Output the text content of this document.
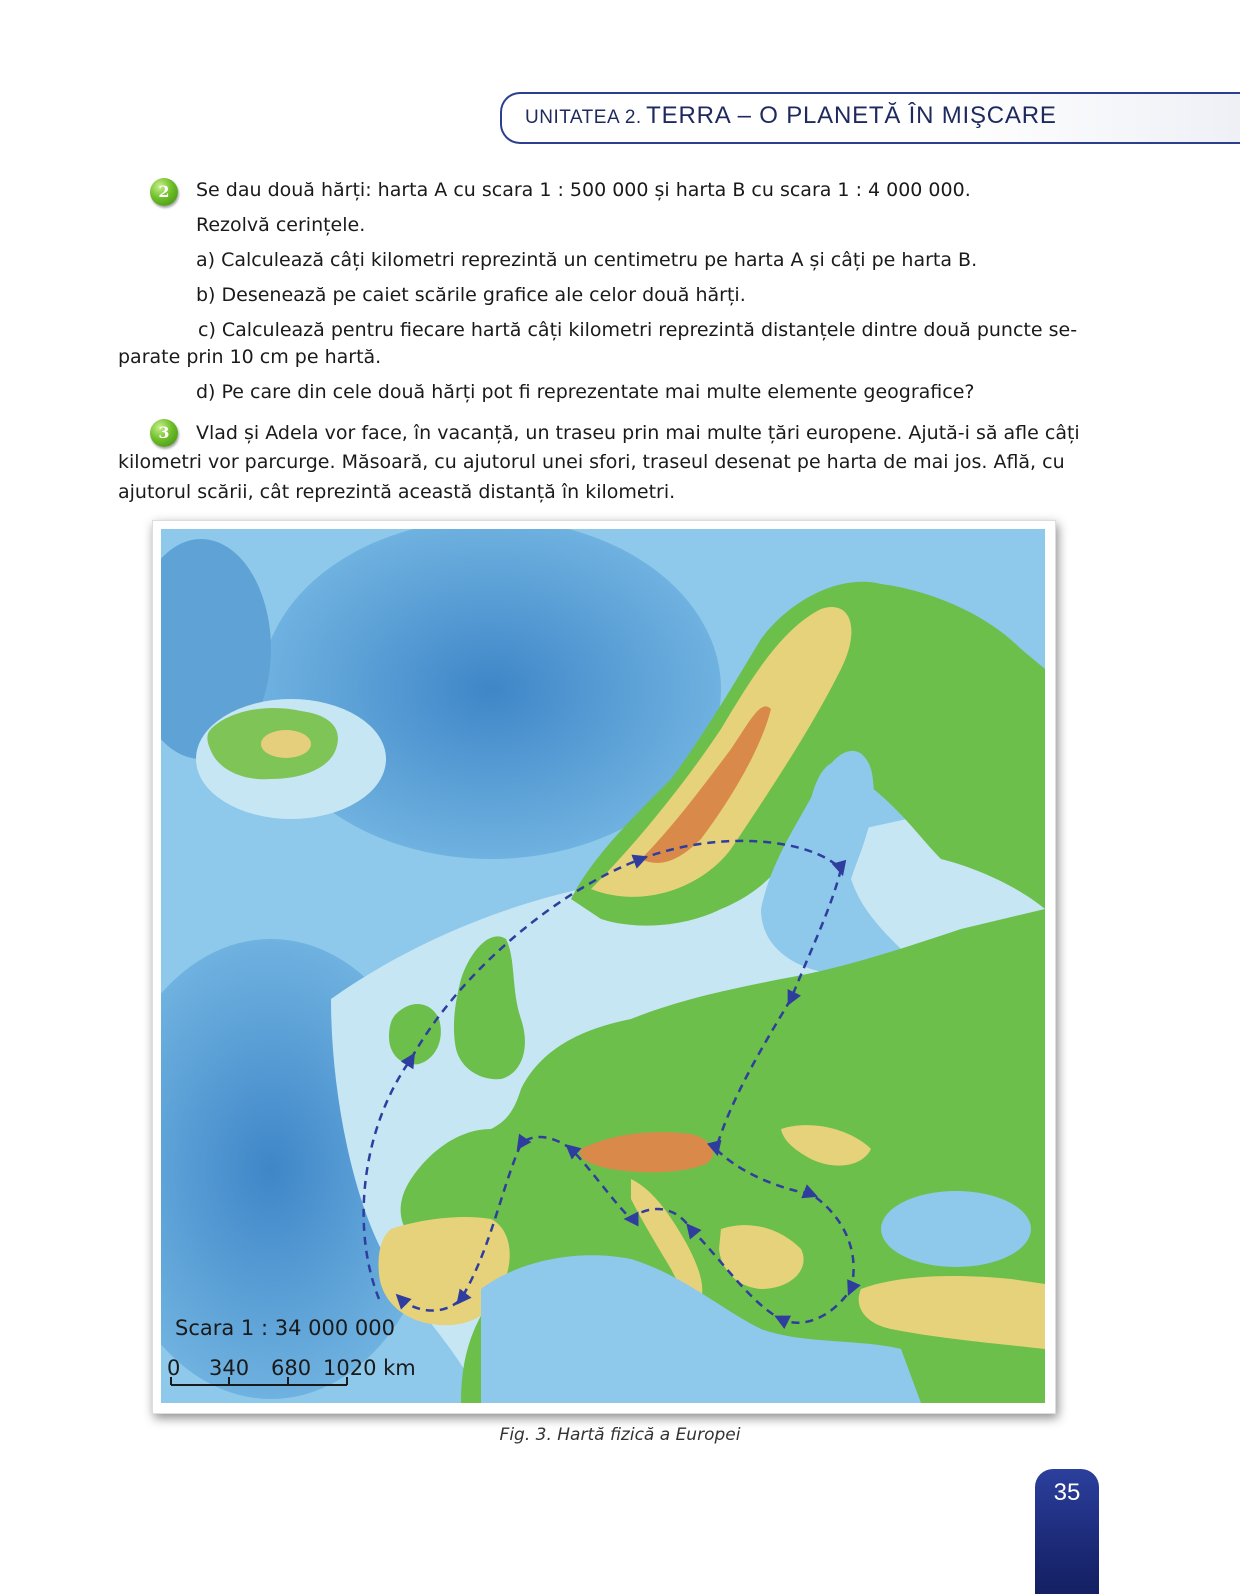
UNITATEA 2. TERRA – O PLANETĂ ÎN MIŞCARE
2	Se dau două hărți: harta A cu scara 1 : 500 000 și harta B cu scara 1 : 4 000 000.
Rezolvă cerințele.
a) Calculează câți kilometri reprezintă un centimetru pe harta A și câți pe harta B.
b) Desenează pe caiet scările grafice ale celor două hărți.
c) Calculează pentru fiecare hartă câți kilometri reprezintă distanțele dintre două puncte se-
parate prin 10 cm pe hartă.
d) Pe care din cele două hărți pot fi reprezentate mai multe elemente geografice?
3	Vlad și Adela vor face, în vacanță, un traseu prin mai multe țări europene. Ajută-i să afle câți
kilometri vor parcurge. Măsoară, cu ajutorul unei sfori, traseul desenat pe harta de mai jos. Află, cu
ajutorul scării, cât reprezintă această distanță în kilometri.
Scara 1 : 34 000 000
0 340 680 1020 km
Fig. 3. Hartă fizică a Europei
35
